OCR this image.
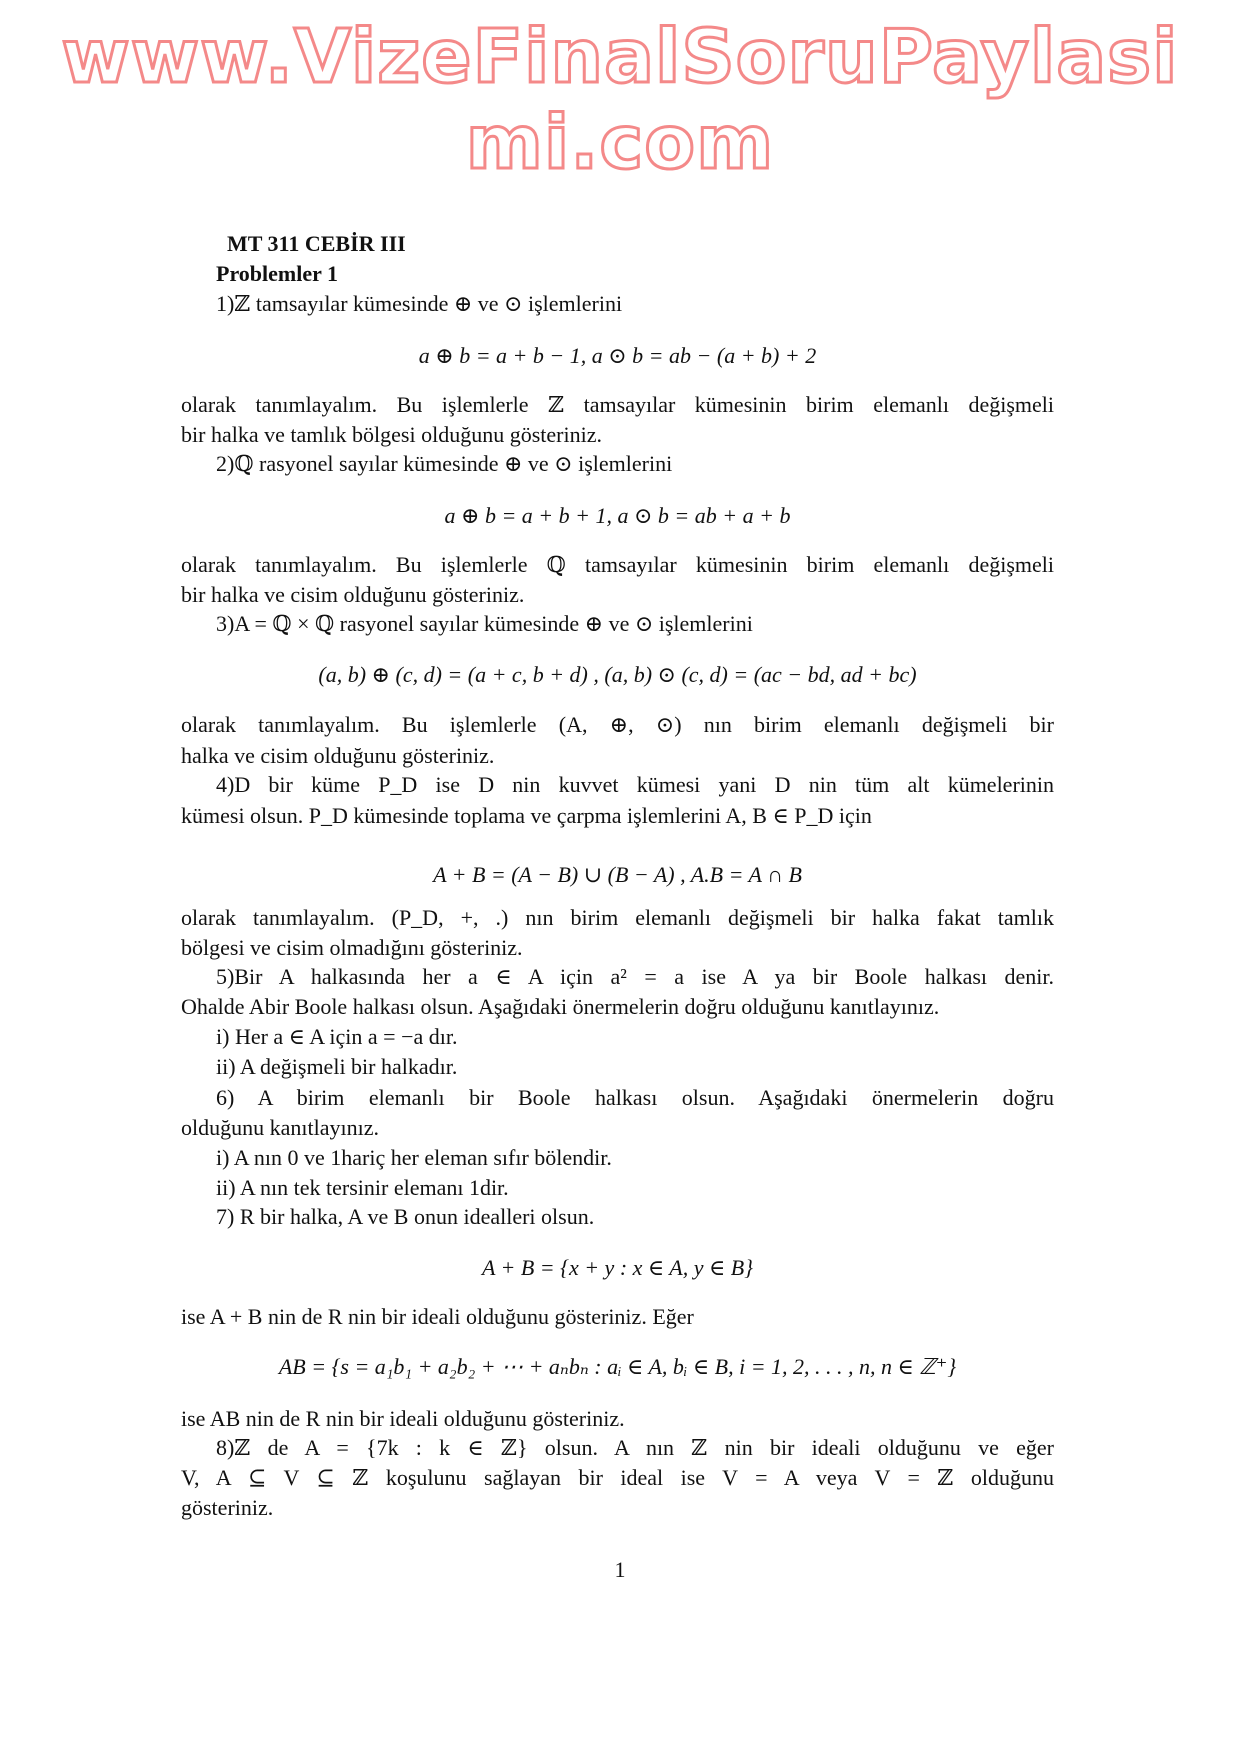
www.VizeFinalSoruPaylasimi.com
MT 311 CEBİR III
Problemler 1
1)ℤ tamsayılar kümesinde ⊕ ve ⊙ işlemlerini
a ⊕ b = a + b − 1, a ⊙ b = ab − (a + b) + 2
olarak tanımlayalım. Bu işlemlerle ℤ tamsayılar kümesinin birim elemanlı değişmeli
bir halka ve tamlık bölgesi olduğunu gösteriniz.
2)ℚ rasyonel sayılar kümesinde ⊕ ve ⊙ işlemlerini
a ⊕ b = a + b + 1, a ⊙ b = ab + a + b
olarak tanımlayalım. Bu işlemlerle ℚ tamsayılar kümesinin birim elemanlı değişmeli
bir halka ve cisim olduğunu gösteriniz.
3)A = ℚ × ℚ rasyonel sayılar kümesinde ⊕ ve ⊙ işlemlerini
(a, b) ⊕ (c, d) = (a + c, b + d) , (a, b) ⊙ (c, d) = (ac − bd, ad + bc)
olarak tanımlayalım. Bu işlemlerle (A, ⊕, ⊙) nın birim elemanlı değişmeli bir
halka ve cisim olduğunu gösteriniz.
4)D bir küme P_D ise D nin kuvvet kümesi yani D nin tüm alt kümelerinin
kümesi olsun. P_D kümesinde toplama ve çarpma işlemlerini A, B ∈ P_D için
A + B = (A − B) ∪ (B − A) , A.B = A ∩ B
olarak tanımlayalım. (P_D, +, .) nın birim elemanlı değişmeli bir halka fakat tamlık
bölgesi ve cisim olmadığını gösteriniz.
5)Bir A halkasında her a ∈ A için a² = a ise A ya bir Boole halkası denir.
Ohalde Abir Boole halkası olsun. Aşağıdaki önermelerin doğru olduğunu kanıtlayınız.
i) Her a ∈ A için a = −a dır.
ii) A değişmeli bir halkadır.
6) A birim elemanlı bir Boole halkası olsun. Aşağıdaki önermelerin doğru
olduğunu kanıtlayınız.
i) A nın 0 ve 1hariç her eleman sıfır bölendir.
ii) A nın tek tersinir elemanı 1dir.
7) R bir halka, A ve B onun idealleri olsun.
A + B = {x + y : x ∈ A, y ∈ B}
ise A + B nin de R nin bir ideali olduğunu gösteriniz. Eğer
AB = {s = a₁b₁ + a₂b₂ + ⋯ + aₙbₙ : aᵢ ∈ A, bᵢ ∈ B, i = 1, 2, . . . , n, n ∈ ℤ⁺}
ise AB nin de R nin bir ideali olduğunu gösteriniz.
8)ℤ de A = {7k : k ∈ ℤ} olsun. A nın ℤ nin bir ideali olduğunu ve eğer
V, A ⊆ V ⊆ ℤ koşulunu sağlayan bir ideal ise V = A veya V = ℤ olduğunu
gösteriniz.
1
